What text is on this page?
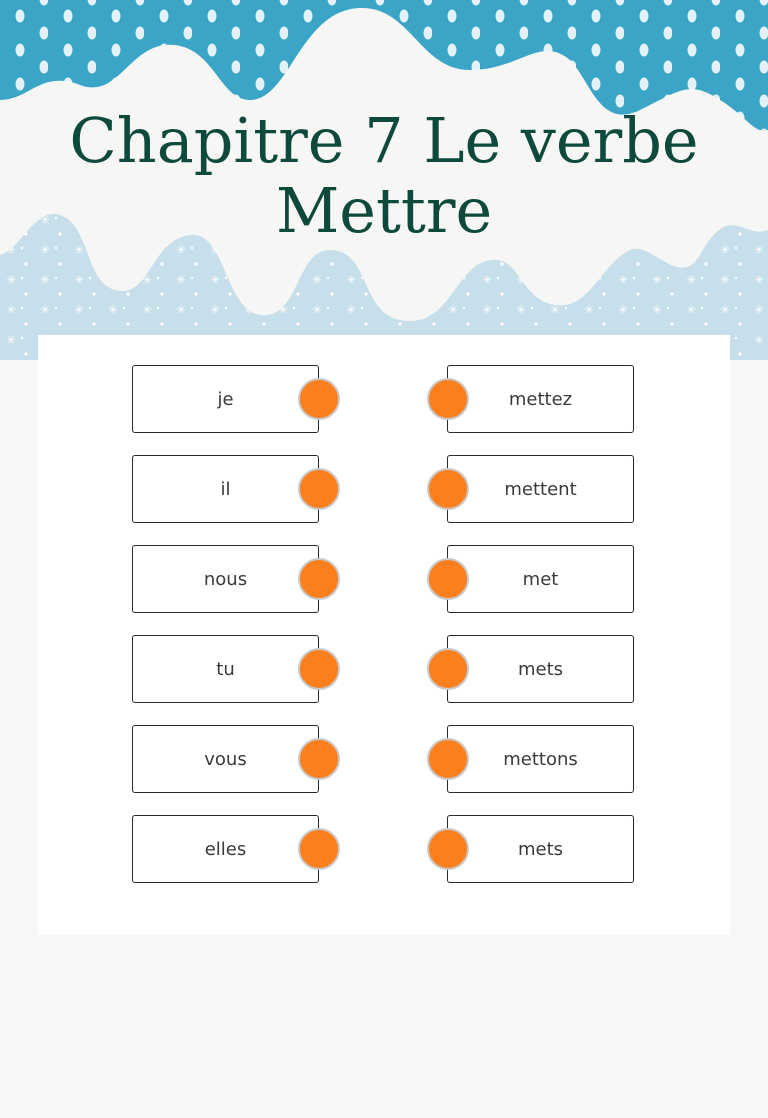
Chapitre 7 Le verbe Mettre
je
il
nous
tu
vous
elles
mettez
mettent
met
mets
mettons
mets
